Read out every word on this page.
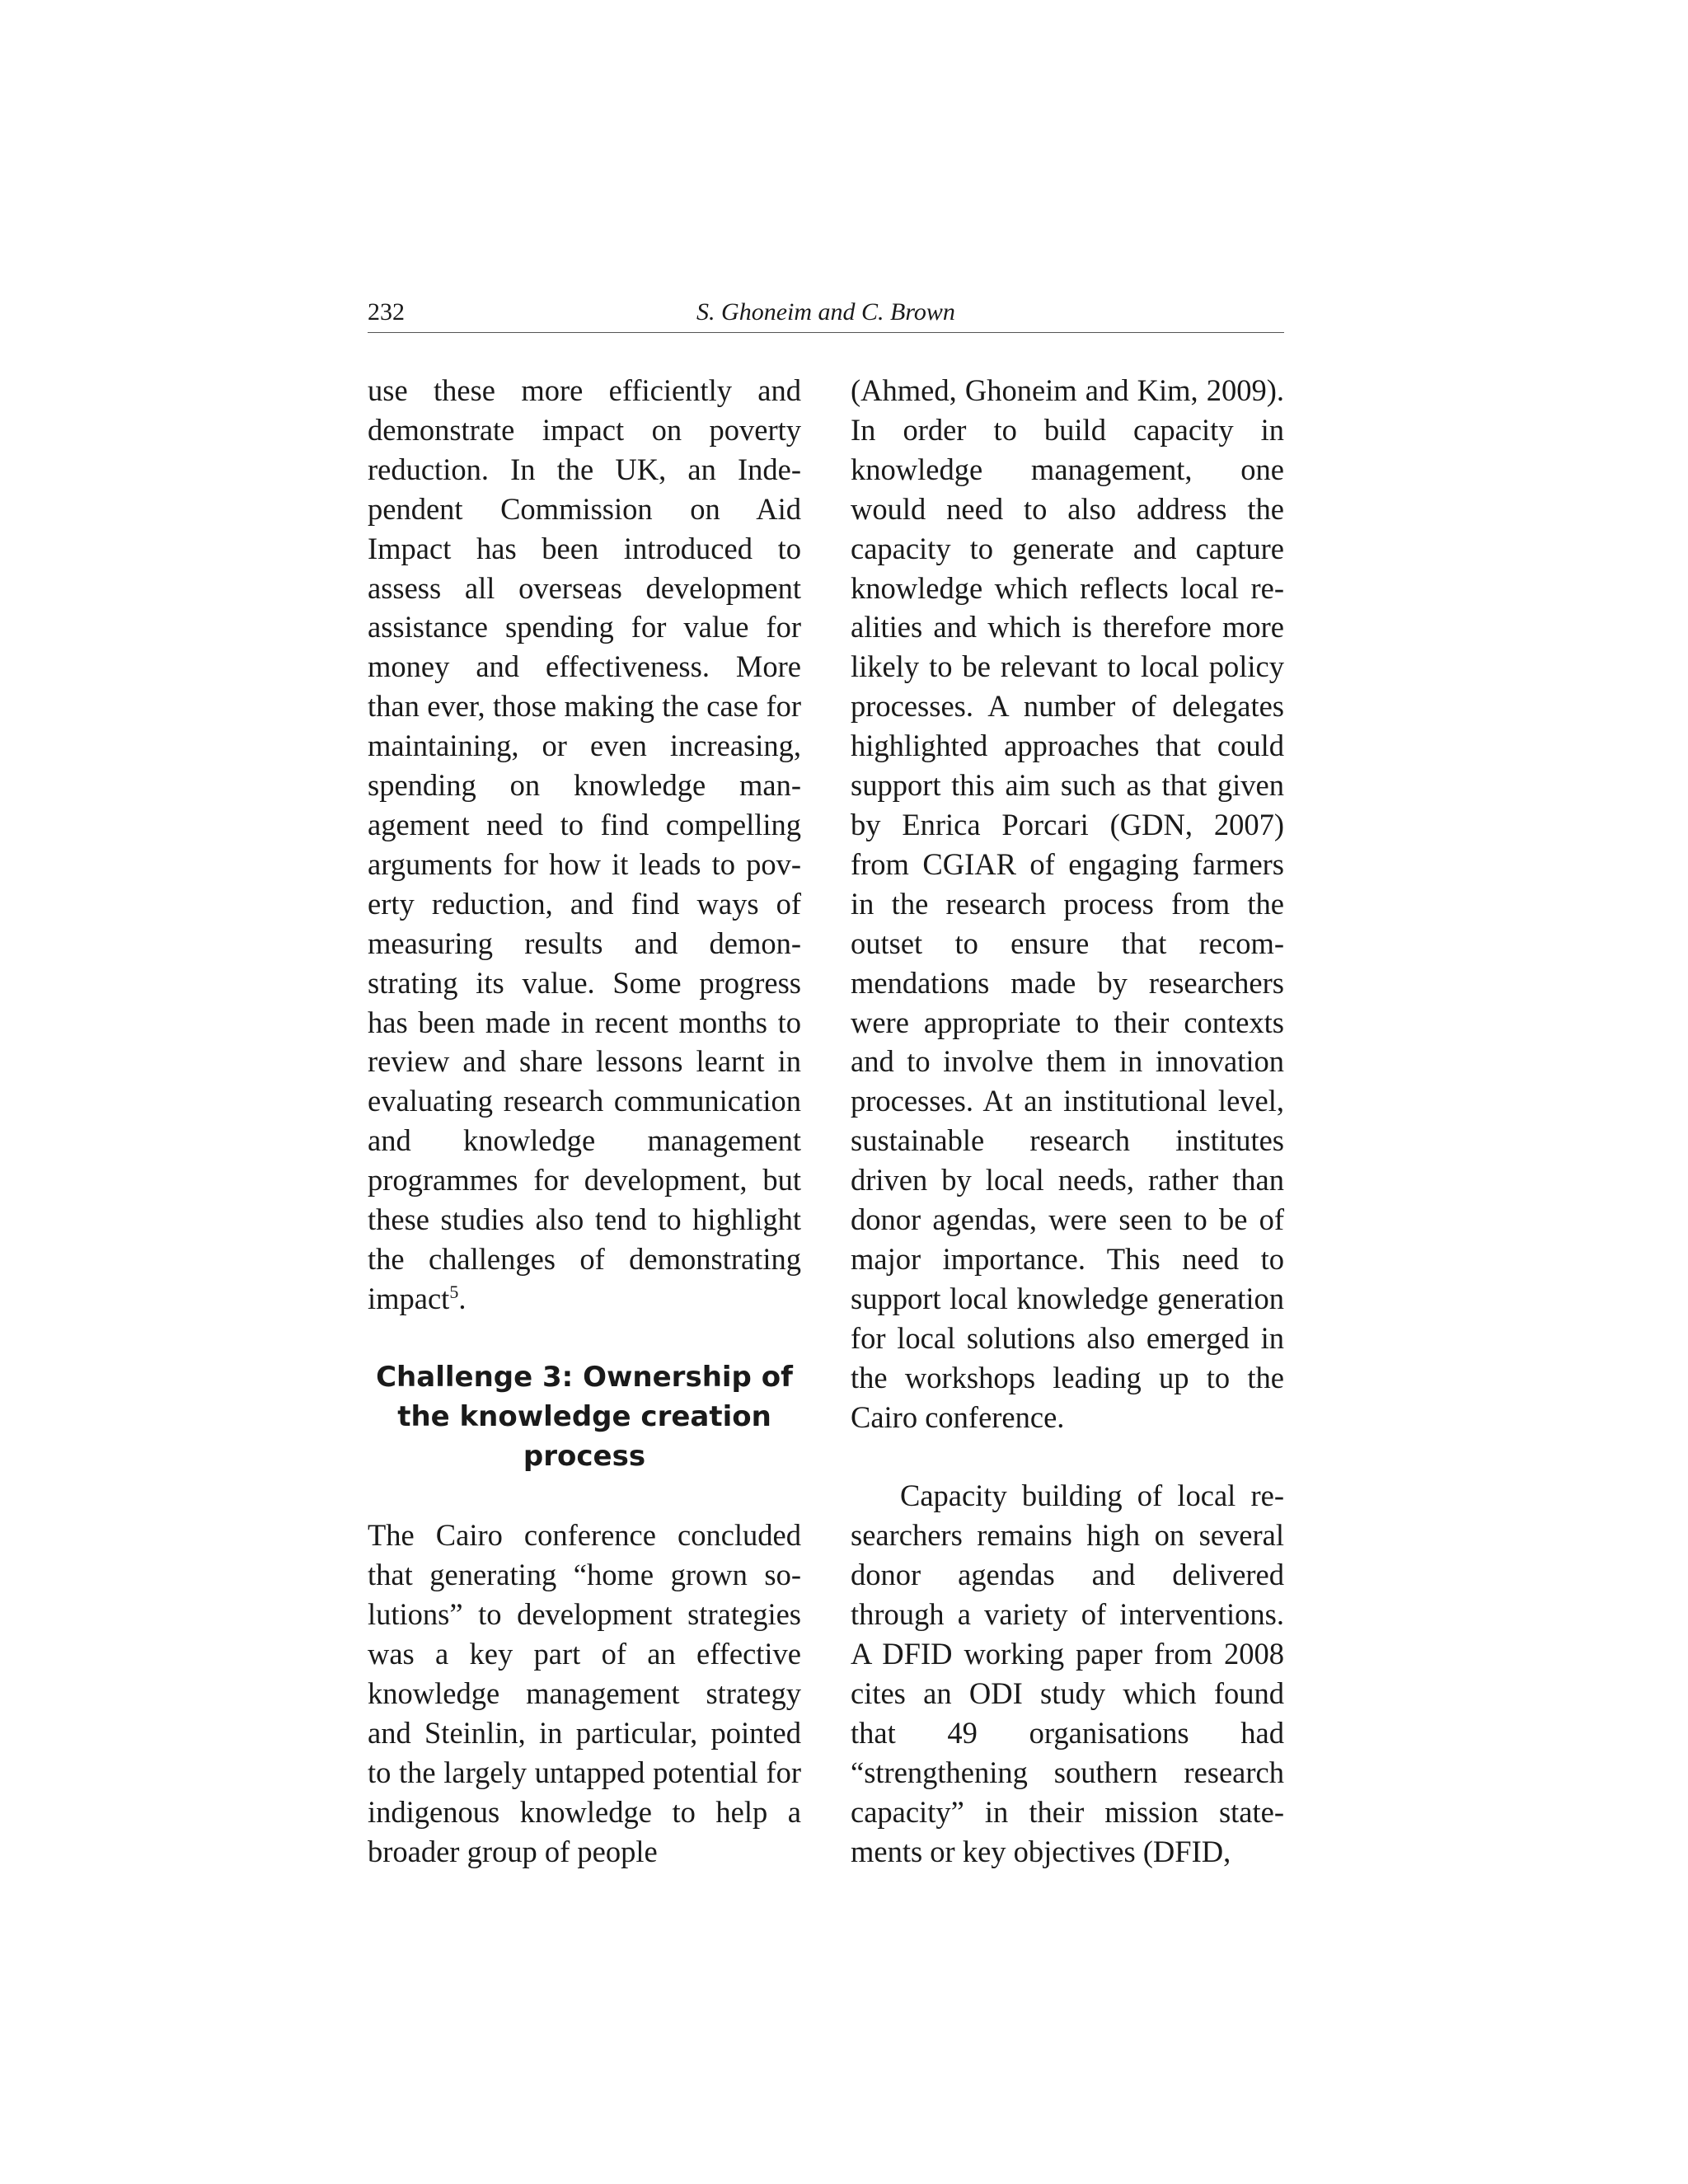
232	S. Ghoneim and C. Brown

use these more efficiently and demonstrate impact on poverty reduction. In the UK, an Independent Commission on Aid Impact has been introduced to assess all overseas development assistance spending for value for money and effectiveness. More than ever, those making the case for maintaining, or even increasing, spending on knowledge management need to find compelling arguments for how it leads to poverty reduction, and find ways of measuring results and demonstrating its value. Some progress has been made in recent months to review and share lessons learnt in evaluating research communication and knowledge management programmes for development, but these studies also tend to highlight the challenges of demonstrating impact$^5$.

Challenge 3: Ownership of the knowledge creation process

The Cairo conference concluded that generating “home grown solutions” to development strategies was a key part of an effective knowledge management strategy and Steinlin, in particular, pointed to the largely untapped potential for indigenous knowledge to help a broader group of people

(Ahmed, Ghoneim and Kim, 2009). In order to build capacity in knowledge management, one would need to also address the capacity to generate and capture knowledge which reflects local realities and which is therefore more likely to be relevant to local policy processes. A number of delegates highlighted approaches that could support this aim such as that given by Enrica Porcari (GDN, 2007) from CGIAR of engaging farmers in the research process from the outset to ensure that recommendations made by researchers were appropriate to their contexts and to involve them in innovation processes. At an institutional level, sustainable research institutes driven by local needs, rather than donor agendas, were seen to be of major importance. This need to support local knowledge generation for local solutions also emerged in the workshops leading up to the Cairo conference.

Capacity building of local researchers remains high on several donor agendas and delivered through a variety of interventions. A DFID working paper from 2008 cites an ODI study which found that 49 organisations had “strengthening southern research capacity” in their mission statements or key objectives (DFID,
